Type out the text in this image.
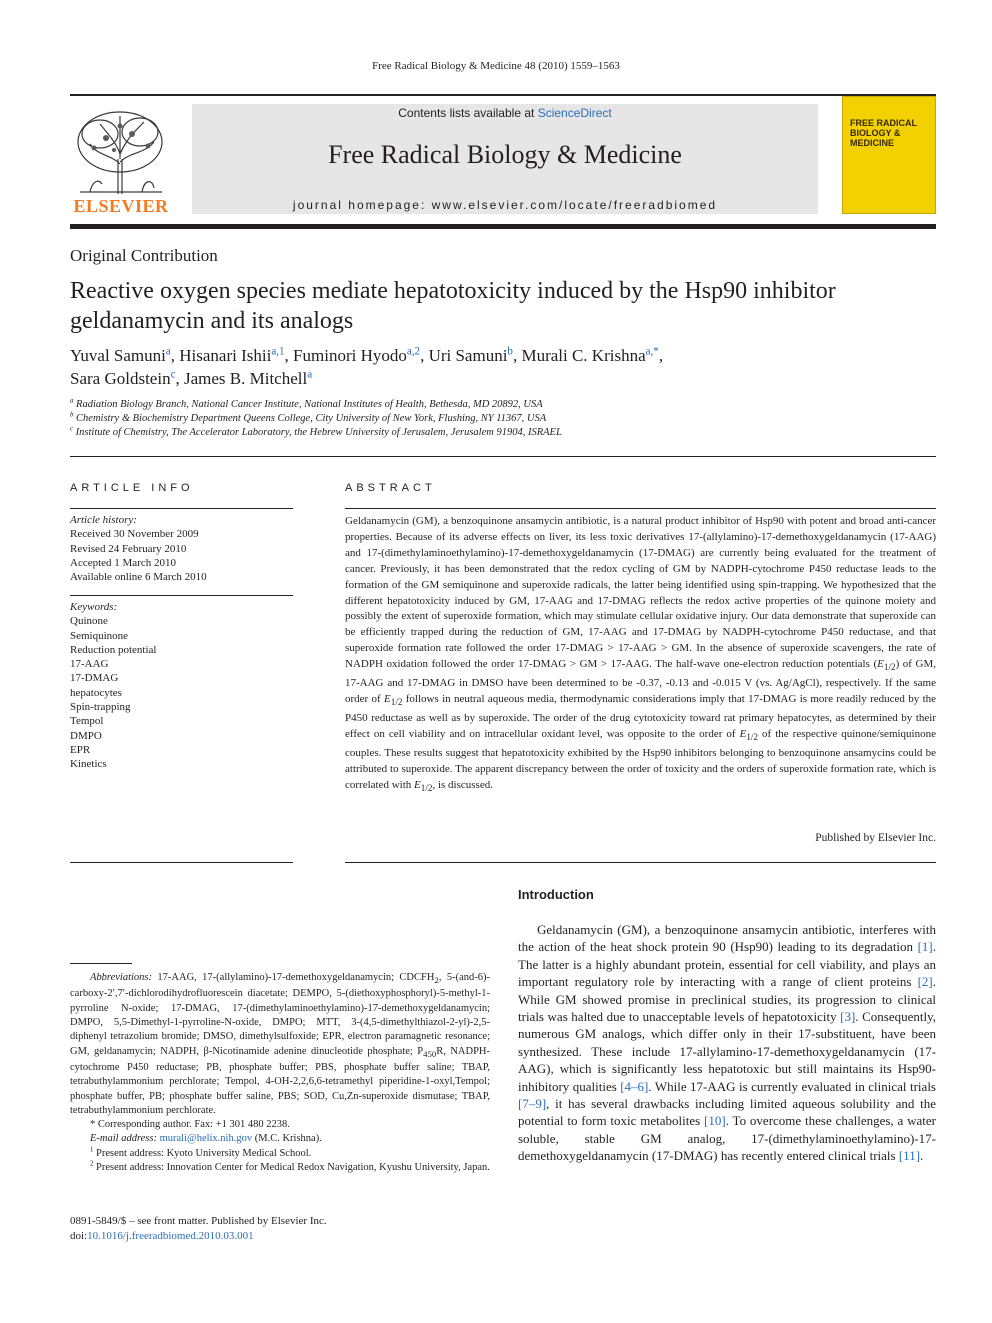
Free Radical Biology & Medicine 48 (2010) 1559–1563
ELSEVIER
Contents lists available at ScienceDirect
Free Radical Biology & Medicine
journal homepage: www.elsevier.com/locate/freeradbiomed
FREE RADICAL BIOLOGY & MEDICINE
Original Contribution
Reactive oxygen species mediate hepatotoxicity induced by the Hsp90 inhibitor geldanamycin and its analogs
Yuval Samuni$^a$, Hisanari Ishii$^{a,1}$, Fuminori Hyodo$^{a,2}$, Uri Samuni$^b$, Murali C. Krishna$^{a,*}$,
Sara Goldstein$^c$, James B. Mitchell$^a$
$^a$ Radiation Biology Branch, National Cancer Institute, National Institutes of Health, Bethesda, MD 20892, USA
$^b$ Chemistry & Biochemistry Department Queens College, City University of New York, Flushing, NY 11367, USA
$^c$ Institute of Chemistry, The Accelerator Laboratory, the Hebrew University of Jerusalem, Jerusalem 91904, ISRAEL
ARTICLE INFO	ABSTRACT
Article history:
Received 30 November 2009
Revised 24 February 2010
Accepted 1 March 2010
Available online 6 March 2010
Keywords:
Quinone
Semiquinone
Reduction potential
17-AAG
17-DMAG
hepatocytes
Spin-trapping
Tempol
DMPO
EPR
Kinetics
Geldanamycin (GM), a benzoquinone ansamycin antibiotic, is a natural product inhibitor of Hsp90 with potent and broad anti-cancer properties. Because of its adverse effects on liver, its less toxic derivatives 17-(allylamino)-17-demethoxygeldanamycin (17-AAG) and 17-(dimethylaminoethylamino)-17-demethoxygeldanamycin (17-DMAG) are currently being evaluated for the treatment of cancer. Previously, it has been demonstrated that the redox cycling of GM by NADPH-cytochrome P450 reductase leads to the formation of the GM semiquinone and superoxide radicals, the latter being identified using spin-trapping. We hypothesized that the different hepatotoxicity induced by GM, 17-AAG and 17-DMAG reflects the redox active properties of the quinone moiety and possibly the extent of superoxide formation, which may stimulate cellular oxidative injury. Our data demonstrate that superoxide can be efficiently trapped during the reduction of GM, 17-AAG and 17-DMAG by NADPH-cytochrome P450 reductase, and that superoxide formation rate followed the order 17-DMAG > 17-AAG > GM. In the absence of superoxide scavengers, the rate of NADPH oxidation followed the order 17-DMAG > GM > 17-AAG. The half-wave one-electron reduction potentials $(E_{1/2})$ of GM, 17-AAG and 17-DMAG in DMSO have been determined to be -0.37, -0.13 and -0.015 V (vs. Ag/AgCl), respectively. If the same order of $E_{1/2}$ follows in neutral aqueous media, thermodynamic considerations imply that 17-DMAG is more readily reduced by the P450 reductase as well as by superoxide. The order of the drug cytotoxicity toward rat primary hepatocytes, as determined by their effect on cell viability and on intracellular oxidant level, was opposite to the order of $E_{1/2}$ of the respective quinone/semiquinone couples. These results suggest that hepatotoxicity exhibited by the Hsp90 inhibitors belonging to benzoquinone ansamycins could be attributed to superoxide. The apparent discrepancy between the order of toxicity and the orders of superoxide formation rate, which is correlated with $E_{1/2}$, is discussed.
Published by Elsevier Inc.
Introduction

Geldanamycin (GM), a benzoquinone ansamycin antibiotic, interferes with the action of the heat shock protein 90 (Hsp90) leading to its degradation [1]. The latter is a highly abundant protein, essential for cell viability, and plays an important regulatory role by interacting with a range of client proteins [2]. While GM showed promise in preclinical studies, its progression to clinical trials was halted due to unacceptable levels of hepatotoxicity [3]. Consequently, numerous GM analogs, which differ only in their 17-substituent, have been synthesized. These include 17-allylamino-17-demethoxygeldanamycin (17-AAG), which is significantly less hepatotoxic but still maintains its Hsp90-inhibitory qualities [4–6]. While 17-AAG is currently evaluated in clinical trials [7–9], it has several drawbacks including limited aqueous solubility and the potential to form toxic metabolites [10]. To overcome these challenges, a water soluble, stable GM analog, 17-(dimethylaminoethylamino)-17-demethoxygeldanamycin (17-DMAG) has recently entered clinical trials [11].

Abbreviations: 17-AAG, 17-(allylamino)-17-demethoxygeldanamycin; $CDCFH_2$, 5-(and-6)-carboxy-2′,7′-dichlorodihydrofluorescein diacetate; DEMPO, 5-(diethoxyphosphoryl)-5-methyl-1-pyrroline N-oxide; 17-DMAG, 17-(dimethylaminoethylamino)-17-demethoxygeldanamycin; DMPO, 5,5-Dimethyl-1-pyrroline-N-oxide, DMPO; MTT, 3-(4,5-dimethylthiazol-2-yl)-2,5-diphenyl tetrazolium bromide; DMSO, dimethylsulfoxide; EPR, electron paramagnetic resonance; GM, geldanamycin; NADPH, β-Nicotinamide adenine dinucleotide phosphate; $P_{450}R$, NADPH-cytochrome P450 reductase; PB, phosphate buffer; PBS, phosphate buffer saline; TBAP, tetrabuthylammonium perchlorate; Tempol, 4-OH-2,2,6,6-tetramethyl piperidine-1-oxyl,Tempol; phosphate buffer, PB; phosphate buffer saline, PBS; SOD, Cu,Zn-superoxide dismutase; TBAP, tetrabuthylammonium perchlorate.

* Corresponding author. Fax: +1 301 480 2238.

E-mail address: murali@helix.nih.gov (M.C. Krishna).

$^1$ Present address: Kyoto University Medical School.

$^2$ Present address: Innovation Center for Medical Redox Navigation, Kyushu University, Japan.

0891-5849/$ – see front matter. Published by Elsevier Inc.
doi:10.1016/j.freeradbiomed.2010.03.001
